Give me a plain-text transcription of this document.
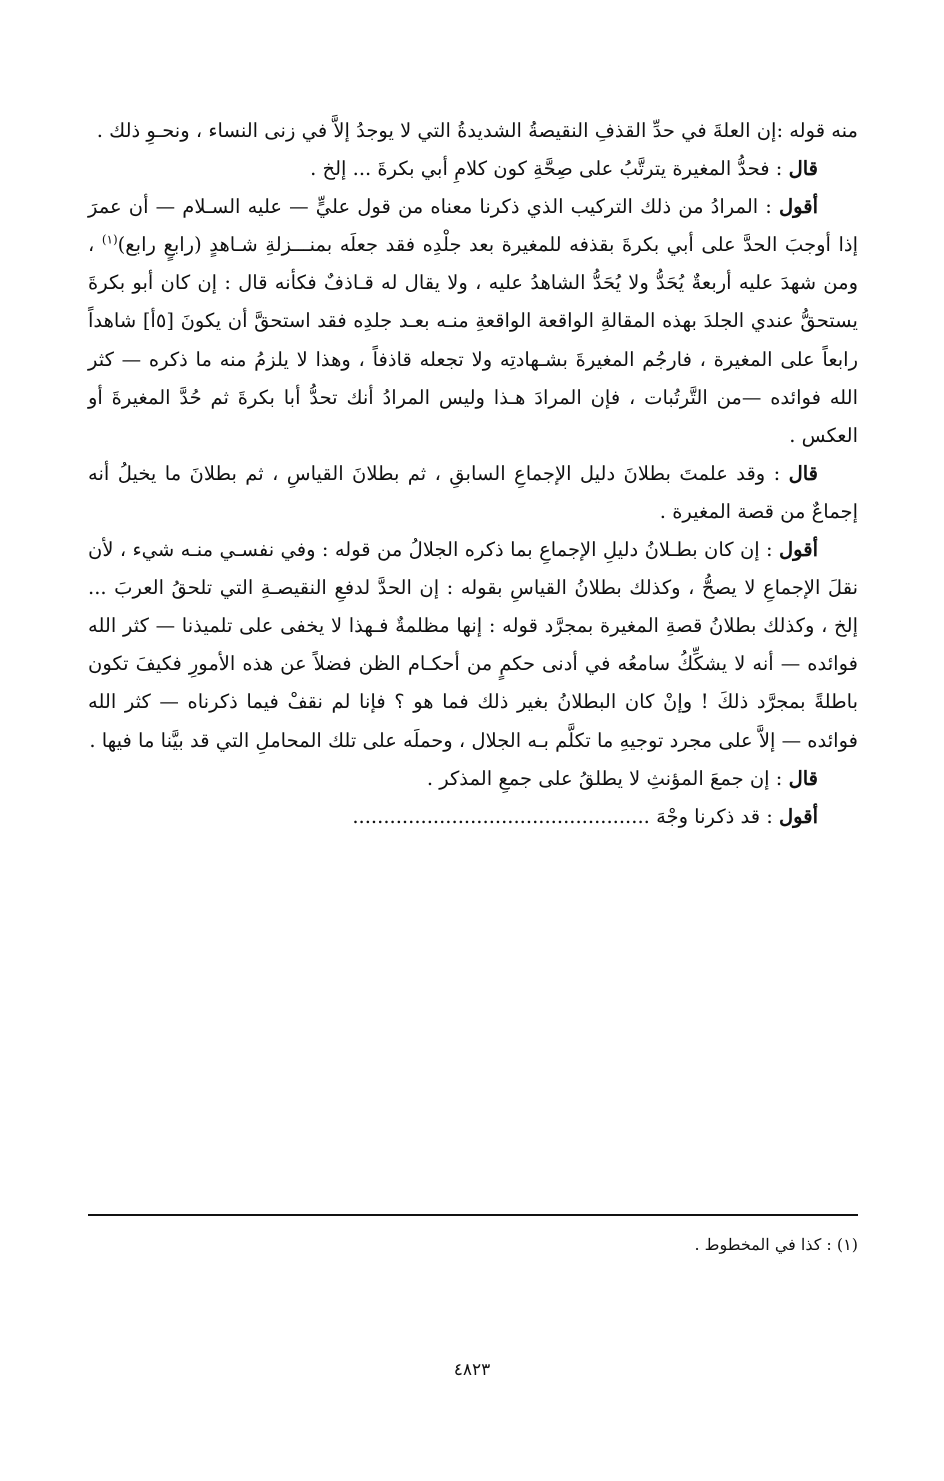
منه قوله :إن العلةَ في حدِّ القذفِ النقيصةُ الشديدةُ التي لا يوجدُ إلاَّ في زنى النساء ، ونحـوِ ذلك .

قال : فحدُّ المغيرة يترتَّبُ على صِحَّةِ كون كلامِ أبي بكرةَ ... إلخ .

أقول : المرادُ من ذلك التركيب الذي ذكرنا معناه من قول عليٍّ — عليه السـلام — أن عمرَ إذا أوجبَ الحدَّ على أبي بكرةَ بقذفه للمغيرة بعد جلْدِه فقد جعلَه بمنـــزلةِ شـاهدٍ (رابعٍ رابع)$^{(١)}$ ، ومن شهدَ عليه أربعةٌ يُحَدُّ ولا يُحَدُّ الشاهدُ عليه ، ولا يقال له قـاذفٌ فكأنه قال : إن كان أبو بكرةَ يستحقُّ عندي الجلدَ بهذه المقالةِ الواقعة الواقعةِ منـه بعـد جلدِه فقد استحقَّ أن يكونَ [٥أ] شاهداً رابعاً على المغيرة ، فارجُم المغيرةَ بشـهادتِه ولا تجعله قاذفاً ، وهذا لا يلزمُ منه ما ذكره — كثر الله فوائده —من التَّرتُبات ، فإن المرادَ هـذا وليس المرادُ أنك تحدُّ أبا بكرةَ ثم حُدَّ المغيرةَ أو العكس .

قال : وقد علمتَ بطلانَ دليل الإجماعِ السابقِ ، ثم بطلانَ القياسِ ، ثم بطلانَ ما يخيلُ أنه إجماعٌ من قصة المغيرة .

أقول : إن كان بطـلانُ دليلِ الإجماعِ بما ذكره الجلالُ من قوله : وفي نفسـي منـه شيء ، لأن نقلَ الإجماعِ لا يصحُّ ، وكذلك بطلانُ القياسِ بقوله : إن الحدَّ لدفعِ النقيصـةِ التي تلحقُ العربَ ... إلخ ، وكذلك بطلانُ قصةِ المغيرة بمجرَّد قوله : إنها مظلمةٌ فـهذا لا يخفى على تلميذنا — كثر الله فوائده — أنه لا يشكِّكُ سامعُه في أدنى حكمٍ من أحكـام الظن فضلاً عن هذه الأمورِ فكيفَ تكون باطلةً بمجرَّد ذلكَ ! وإنْ كان البطلانُ بغير ذلك فما هو ؟ فإنا لم نقفْ فيما ذكرناه — كثر الله فوائده — إلاَّ على مجرد توجيهِ ما تكلَّم بـه الجلال ، وحملَه على تلك المحاملِ التي قد بيَّنا ما فيها .

قال : إن جمعَ المؤنثِ لا يطلقُ على جمعِ المذكر .

أقول : قد ذكرنا وجْهَ ................................................

(١) : كذا في المخطوط .
٤٨٢٣
